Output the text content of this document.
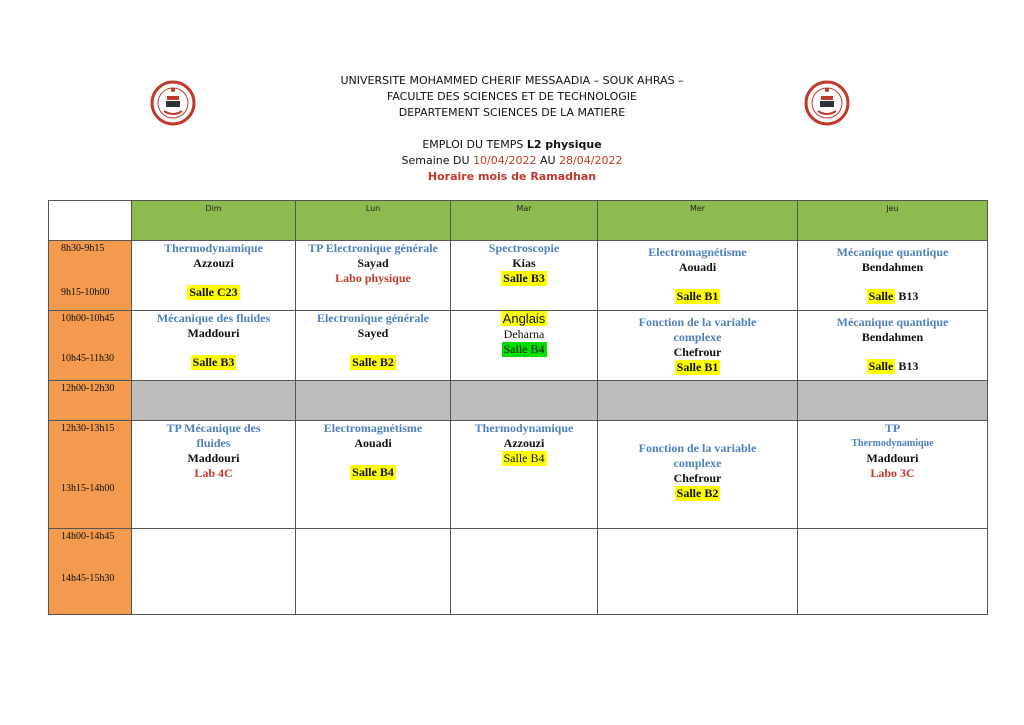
UNIVERSITE MOHAMMED CHERIF MESSAADIA – SOUK AHRAS –
FACULTE DES SCIENCES ET DE TECHNOLOGIE
DEPARTEMENT SCIENCES DE LA MATIERE
EMPLOI DU TEMPS L2 physique
Semaine DU 10/04/2022 AU 28/04/2022
Horaire mois de Ramadhan
	Dim	Lun	Mar	Mer	Jeu

8h30-9h15
9h15-10h00	Thermodynamique
Azzouzi
Salle C23	TP Electronique générale
Sayad
Labo physique	Spectroscopie
Kias
Salle B3	Electromagnétisme
Aouadi
Salle B1	Mécanique quantique
Bendahmen
Salle B13

10h00-10h45
10h45-11h30	Mécanique des fluides
Maddouri
Salle B3	Electronique générale
Sayed
Salle B2	Anglais
Deharna
Salle B4	Fonction de la variable complexe
Chefrour
Salle B1	Mécanique quantique
Bendahmen
Salle B13

12h00-12h30					

12h30-13h15
13h15-14h00	TP Mécanique des fluides
Maddouri
Lab 4C	Electromagnétisme
Aouadi
Salle B4	Thermodynamique
Azzouzi
Salle B4	Fonction de la variable complexe
Chefrour
Salle B2	TP
Thermodynamique
Maddouri
Labo 3C

14h00-14h45
14h45-15h30					
